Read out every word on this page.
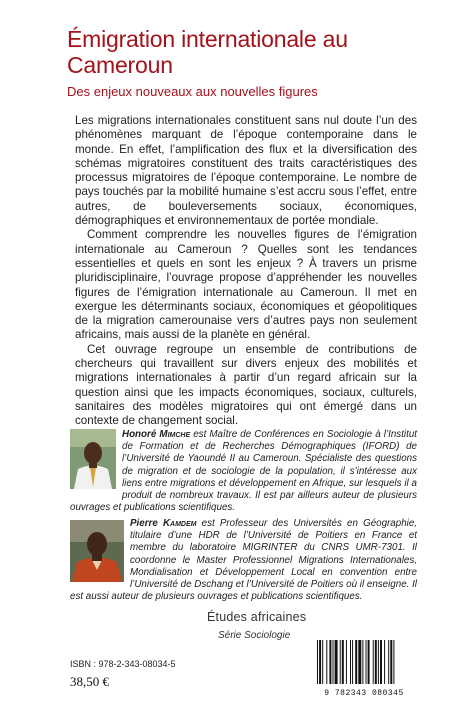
Émigration internationale au Cameroun
Des enjeux nouveaux aux nouvelles figures

Les migrations internationales constituent sans nul doute l’un des phénomènes marquant de l’époque contemporaine dans le monde. En effet, l’amplification des flux et la diversification des schémas migratoires constituent des traits caractéristiques des processus migratoires de l’époque contemporaine. Le nombre de pays touchés par la mobilité humaine s’est accru sous l’effet, entre autres, de bouleversements sociaux, économiques, démographiques et environnementaux de portée mondiale.

Comment comprendre les nouvelles figures de l’émigration internationale au Cameroun ? Quelles sont les tendances essentielles et quels en sont les enjeux ? À travers un prisme pluridisciplinaire, l’ouvrage propose d’appréhender les nouvelles figures de l’émigration internationale au Cameroun. Il met en exergue les déterminants sociaux, économiques et géopolitiques de la migration camerounaise vers d’autres pays non seulement africains, mais aussi de la planète en général.

Cet ouvrage regroupe un ensemble de contributions de chercheurs qui travaillent sur divers enjeux des mobilités et migrations internationales à partir d’un regard africain sur la question ainsi que les impacts économiques, sociaux, culturels, sanitaires des modèles migratoires qui ont émergé dans un contexte de changement social.

Honoré Mimche est Maître de Conférences en Sociologie à l’Institut de Formation et de Recherches Démographiques (IFORD) de l’Université de Yaoundé II au Cameroun. Spécialiste des questions de migration et de sociologie de la population, il s’intéresse aux liens entre migrations et développement en Afrique, sur lesquels il a produit de nombreux travaux. Il est par ailleurs auteur de plusieurs ouvrages et publications scientifiques.
Pierre Kamdem est Professeur des Universités en Géographie, titulaire d’une HDR de l’Université de Poitiers en France et membre du laboratoire MIGRINTER du CNRS UMR-7301. Il coordonne le Master Professionnel Migrations Internationales, Mondialisation et Développement Local en convention entre l’Université de Dschang et l’Université de Poitiers où il enseigne. Il est aussi auteur de plusieurs ouvrages et publications scientifiques.
Études africaines
Série Sociologie
ISBN : 978-2-343-08034-5
38,50 €
9 782343 080345
